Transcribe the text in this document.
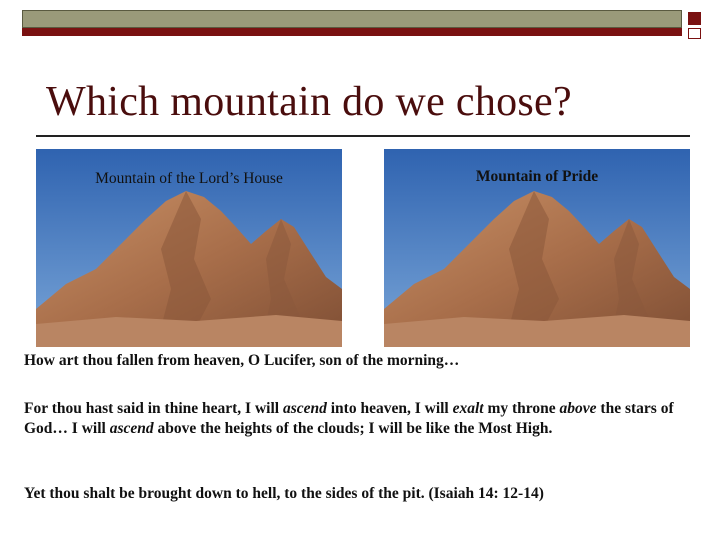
Which mountain do we chose?
Mountain of the Lord’s House	Mountain of Pride
How art thou fallen from heaven, O Lucifer, son of the morning…
For thou hast said in thine heart, I will ascend into heaven, I will exalt my throne above the stars of God… I will ascend above the heights of the clouds; I will be like the Most High.
Yet thou shalt be brought down to hell, to the sides of the pit. (Isaiah 14: 12-14)
